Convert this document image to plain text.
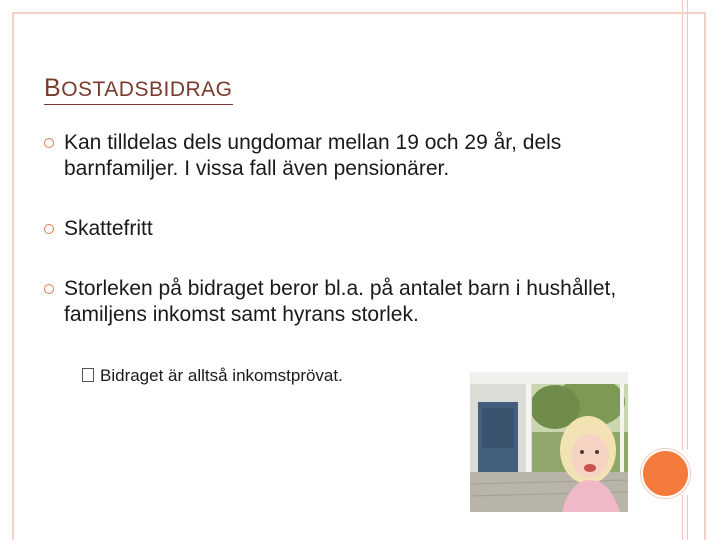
BOSTADSBIDRAG
Kan tilldelas dels ungdomar mellan 19 och 29 år, dels barnfamiljer. I vissa fall även pensionärer.
Skattefritt
Storleken på bidraget beror bl.a. på antalet barn i hushållet, familjens inkomst samt hyrans storlek.
Bidraget är alltså inkomstprövat.
